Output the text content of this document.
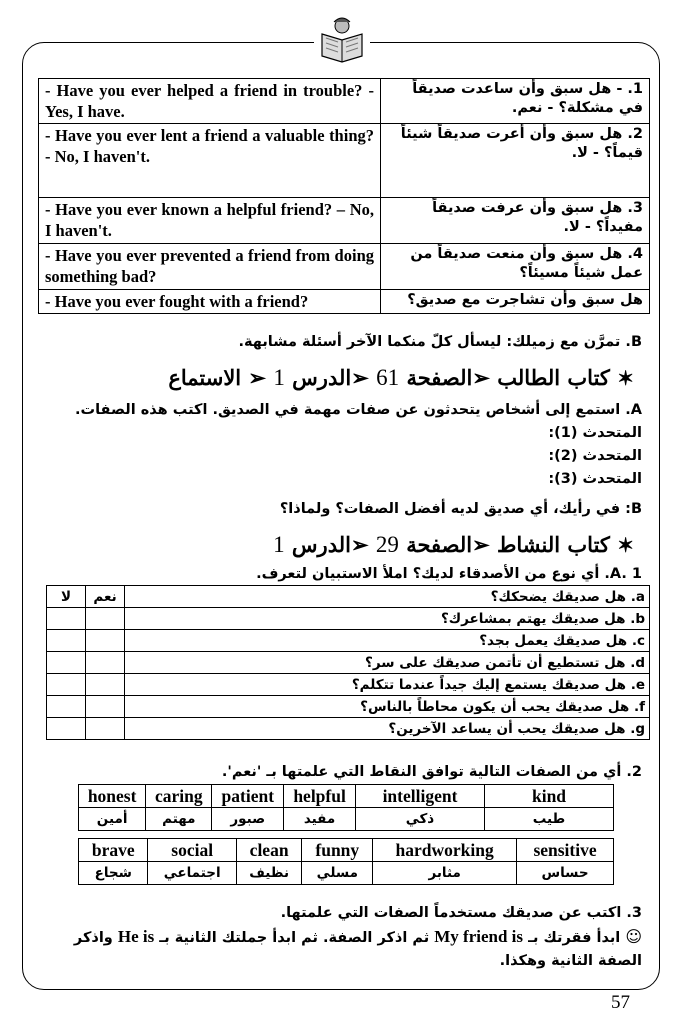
- Have you ever helped a friend in trouble? - Yes, I have.	1. - هل سبق وأن ساعدت صديقاً في مشكلة؟ - نعم.
- Have you ever lent a friend a valuable thing?- No, I haven't.	2. هل سبق وأن أعرت صديقاً شيئاً قيماً؟ - لا.
- Have you ever known a helpful friend? – No, I haven't.	3. هل سبق وأن عرفت صديقاً مفيداً؟ - لا.
- Have you ever prevented a friend from doing something bad?	4. هل سبق وأن منعت صديقاً من عمل شيئاً مسيئاً؟
- Have you ever fought with a friend?	هل سبق وأن تشاجرت مع صديق؟
B. تمرَّن مع زميلك: ليسأل كلّ منكما الآخر أسئلة مشابهة.
✶ كتاب الطالب ➢الصفحة 61 ➢الدرس 1 ➢ الاستماع
A. استمع إلى أشخاص يتحدثون عن صفات مهمة في الصديق. اكتب هذه الصفات.
المتحدث (1):
المتحدث (2):
المتحدث (3):
B: في رأيك، أي صديق لديه أفضل الصفات؟ ولماذا؟
✶ كتاب النشاط ➢الصفحة 29 ➢الدرس 1
A. 1. أي نوع من الأصدقاء لديك؟ املأ الاستبيان لتعرف.
لا	نعم	a. هل صديقك يضحكك؟
		b. هل صديقك يهتم بمشاعرك؟
		c. هل صديقك يعمل بجد؟
		d. هل تستطيع أن تأتمن صديقك على سر؟
		e. هل صديقك يستمع إليك جيداً عندما تتكلم؟
		f. هل صديقك يحب أن يكون محاطاً بالناس؟
		g. هل صديقك يحب أن يساعد الآخرين؟
2. أي من الصفات التالية توافق النقاط التي علمتها بـ 'نعم'.
honest	caring	patient	helpful	intelligent	kind
أمين	مهتم	صبور	مفيد	ذكي	طيب
brave	social	clean	funny	hardworking	sensitive
شجاع	اجتماعي	نظيف	مسلي	مثابر	حساس
3. اكتب عن صديقك مستخدماً الصفات التي علمتها.
☺ ابدأ فقرتك بـ My friend is ثم اذكر الصفة. ثم ابدأ جملتك الثانية بـ He is واذكر
الصفة الثانية وهكذا.
57
